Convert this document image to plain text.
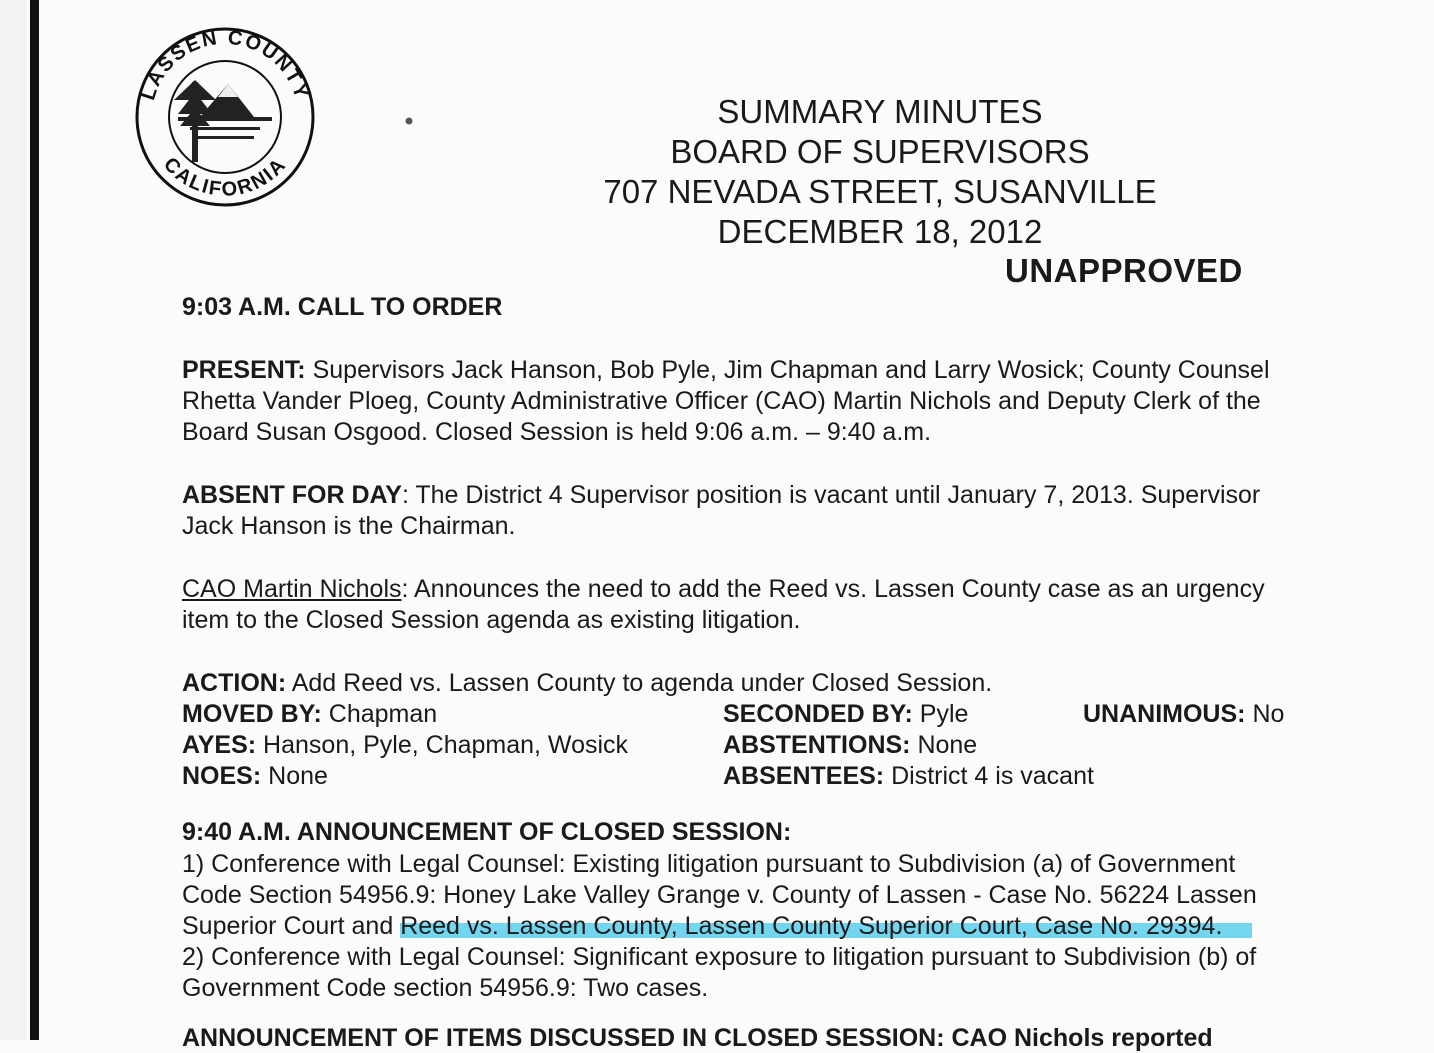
LASSEN COUNTY
CALIFORNIA
SUMMARY MINUTES
BOARD OF SUPERVISORS
707 NEVADA STREET, SUSANVILLE
DECEMBER 18, 2012
UNAPPROVED
9:03 A.M. CALL TO ORDER
PRESENT: Supervisors Jack Hanson, Bob Pyle, Jim Chapman and Larry Wosick; County Counsel
Rhetta Vander Ploeg, County Administrative Officer (CAO) Martin Nichols and Deputy Clerk of the
Board Susan Osgood. Closed Session is held 9:06 a.m. – 9:40 a.m.
ABSENT FOR DAY: The District 4 Supervisor position is vacant until January 7, 2013. Supervisor
Jack Hanson is the Chairman.
CAO Martin Nichols: Announces the need to add the Reed vs. Lassen County case as an urgency
item to the Closed Session agenda as existing litigation.
ACTION: Add Reed vs. Lassen County to agenda under Closed Session.
MOVED BY: Chapman	SECONDED BY: Pyle	UNANIMOUS: No
AYES: Hanson, Pyle, Chapman, Wosick	ABSTENTIONS: None
NOES: None	ABSENTEES: District 4 is vacant
9:40 A.M. ANNOUNCEMENT OF CLOSED SESSION:
1) Conference with Legal Counsel: Existing litigation pursuant to Subdivision (a) of Government
Code Section 54956.9: Honey Lake Valley Grange v. County of Lassen - Case No. 56224 Lassen
Superior Court and Reed vs. Lassen County, Lassen County Superior Court, Case No. 29394.
2) Conference with Legal Counsel: Significant exposure to litigation pursuant to Subdivision (b) of
Government Code section 54956.9: Two cases.
ANNOUNCEMENT OF ITEMS DISCUSSED IN CLOSED SESSION: CAO Nichols reported
